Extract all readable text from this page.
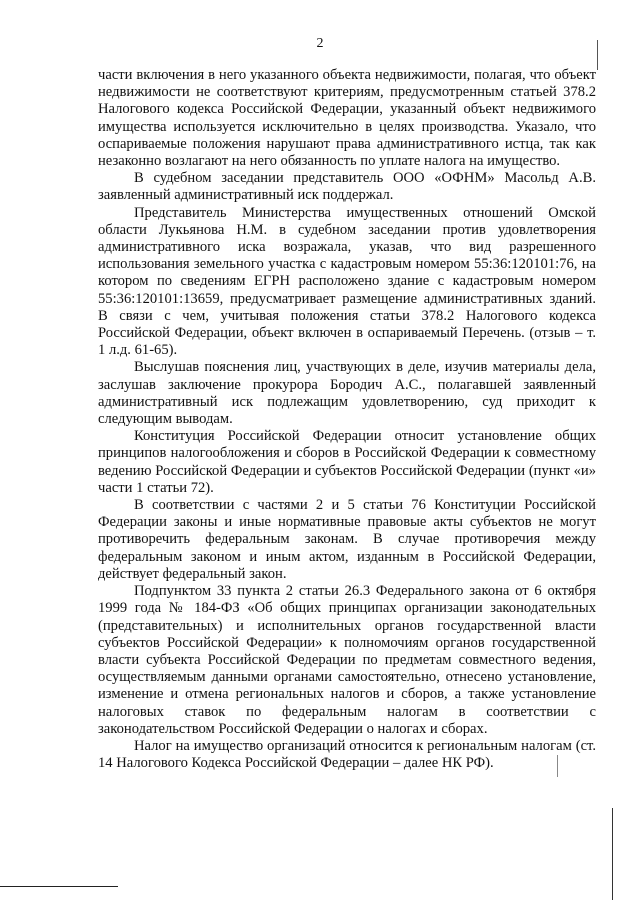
2

части включения в него указанного объекта недвижимости, полагая, что объект недвижимости не соответствуют критериям, предусмотренным статьей 378.2 Налогового кодекса Российской Федерации, указанный объект недвижимого имущества используется исключительно в целях производства. Указало, что оспариваемые положения нарушают права административного истца, так как незаконно возлагают на него обязанность по уплате налога на имущество.

В судебном заседании представитель ООО «ОФНМ» Масольд А.В. заявленный административный иск поддержал.

Представитель Министерства имущественных отношений Омской области Лукьянова Н.М. в судебном заседании против удовлетворения административного иска возражала, указав, что вид разрешенного использования земельного участка с кадастровым номером 55:36:120101:76, на котором по сведениям ЕГРН расположено здание с кадастровым номером 55:36:120101:13659, предусматривает размещение административных зданий. В связи с чем, учитывая положения статьи 378.2 Налогового кодекса Российской Федерации, объект включен в оспариваемый Перечень. (отзыв – т. 1 л.д. 61-65).

Выслушав пояснения лиц, участвующих в деле, изучив материалы дела, заслушав заключение прокурора Бородич А.С., полагавшей заявленный административный иск подлежащим удовлетворению, суд приходит к следующим выводам.

Конституция Российской Федерации относит установление общих принципов налогообложения и сборов в Российской Федерации к совместному ведению Российской Федерации и субъектов Российской Федерации (пункт «и» части 1 статьи 72).

В соответствии с частями 2 и 5 статьи 76 Конституции Российской Федерации законы и иные нормативные правовые акты субъектов не могут противоречить федеральным законам. В случае противоречия между федеральным законом и иным актом, изданным в Российской Федерации, действует федеральный закон.

Подпунктом 33 пункта 2 статьи 26.3 Федерального закона от 6 октября 1999 года № 184-ФЗ «Об общих принципах организации законодательных (представительных) и исполнительных органов государственной власти субъектов Российской Федерации» к полномочиям органов государственной власти субъекта Российской Федерации по предметам совместного ведения, осуществляемым данными органами самостоятельно, отнесено установление, изменение и отмена региональных налогов и сборов, а также установление налоговых ставок по федеральным налогам в соответствии с законодательством Российской Федерации о налогах и сборах.

Налог на имущество организаций относится к региональным налогам (ст. 14 Налогового Кодекса Российской Федерации – далее НК РФ).
